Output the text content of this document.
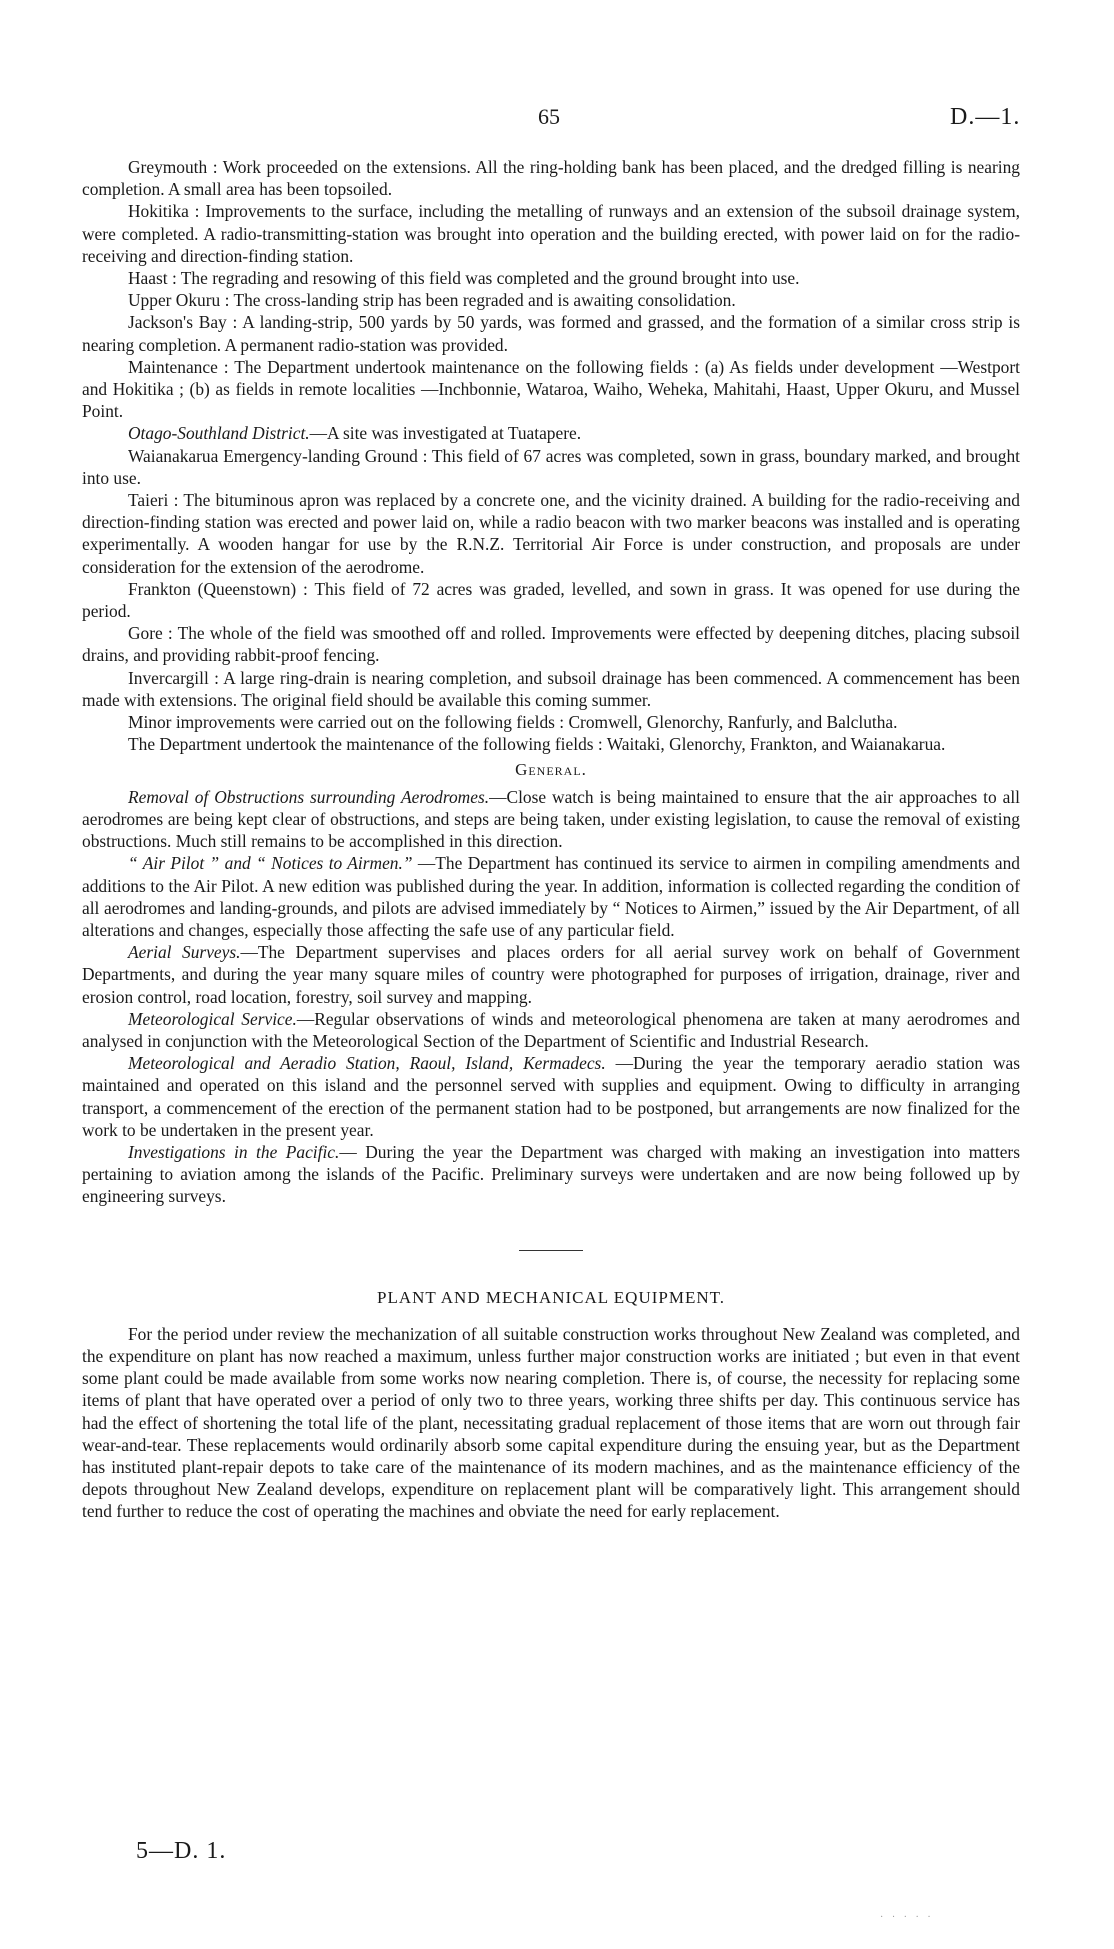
65	D.—1.

Greymouth : Work proceeded on the extensions. All the ring-holding bank has been placed, and the dredged filling is nearing completion. A small area has been topsoiled.

Hokitika : Improvements to the surface, including the metalling of runways and an extension of the subsoil drainage system, were completed. A radio-transmitting-station was brought into operation and the building erected, with power laid on for the radio-receiving and direction-finding station.

Haast : The regrading and resowing of this field was completed and the ground brought into use.

Upper Okuru : The cross-landing strip has been regraded and is awaiting consolidation.

Jackson's Bay : A landing-strip, 500 yards by 50 yards, was formed and grassed, and the formation of a similar cross strip is nearing completion. A permanent radio-station was provided.

Maintenance : The Department undertook maintenance on the following fields : (a) As fields under development —Westport and Hokitika ; (b) as fields in remote localities —Inchbonnie, Wataroa, Waiho, Weheka, Mahitahi, Haast, Upper Okuru, and Mussel Point.

Otago-Southland District.—A site was investigated at Tuatapere.

Waianakarua Emergency-landing Ground : This field of 67 acres was completed, sown in grass, boundary marked, and brought into use.

Taieri : The bituminous apron was replaced by a concrete one, and the vicinity drained. A building for the radio-receiving and direction-finding station was erected and power laid on, while a radio beacon with two marker beacons was installed and is operating experimentally. A wooden hangar for use by the R.N.Z. Territorial Air Force is under construction, and proposals are under consideration for the extension of the aerodrome.

Frankton (Queenstown) : This field of 72 acres was graded, levelled, and sown in grass. It was opened for use during the period.

Gore : The whole of the field was smoothed off and rolled. Improvements were effected by deepening ditches, placing subsoil drains, and providing rabbit-proof fencing.

Invercargill : A large ring-drain is nearing completion, and subsoil drainage has been commenced. A commencement has been made with extensions. The original field should be available this coming summer.

Minor improvements were carried out on the following fields : Cromwell, Glenorchy, Ranfurly, and Balclutha.

The Department undertook the maintenance of the following fields : Waitaki, Glenorchy, Frankton, and Waianakarua.

General.

Removal of Obstructions surrounding Aerodromes.—Close watch is being maintained to ensure that the air approaches to all aerodromes are being kept clear of obstructions, and steps are being taken, under existing legislation, to cause the removal of existing obstructions. Much still remains to be accomplished in this direction.

“ Air Pilot ” and “ Notices to Airmen.” —The Department has continued its service to airmen in compiling amendments and additions to the Air Pilot. A new edition was published during the year. In addition, information is collected regarding the condition of all aerodromes and landing-grounds, and pilots are advised immediately by “ Notices to Airmen,” issued by the Air Department, of all alterations and changes, especially those affecting the safe use of any particular field.

Aerial Surveys.—The Department supervises and places orders for all aerial survey work on behalf of Government Departments, and during the year many square miles of country were photographed for purposes of irrigation, drainage, river and erosion control, road location, forestry, soil survey and mapping.

Meteorological Service.—Regular observations of winds and meteorological phenomena are taken at many aerodromes and analysed in conjunction with the Meteorological Section of the Department of Scientific and Industrial Research.

Meteorological and Aeradio Station, Raoul, Island, Kermadecs. —During the year the temporary aeradio station was maintained and operated on this island and the personnel served with supplies and equipment. Owing to difficulty in arranging transport, a commencement of the erection of the permanent station had to be postponed, but arrangements are now finalized for the work to be undertaken in the present year.

Investigations in the Pacific.— During the year the Department was charged with making an investigation into matters pertaining to aviation among the islands of the Pacific. Preliminary surveys were undertaken and are now being followed up by engineering surveys.

PLANT AND MECHANICAL EQUIPMENT.

For the period under review the mechanization of all suitable construction works throughout New Zealand was completed, and the expenditure on plant has now reached a maximum, unless further major construction works are initiated ; but even in that event some plant could be made available from some works now nearing completion. There is, of course, the necessity for replacing some items of plant that have operated over a period of only two to three years, working three shifts per day. This continuous service has had the effect of shortening the total life of the plant, necessitating gradual replacement of those items that are worn out through fair wear-and-tear. These replacements would ordinarily absorb some capital expenditure during the ensuing year, but as the Department has instituted plant-repair depots to take care of the maintenance of its modern machines, and as the maintenance efficiency of the depots throughout New Zealand develops, expenditure on replacement plant will be comparatively light. This arrangement should tend further to reduce the cost of operating the machines and obviate the need for early replacement.

5—D. 1.
· · · · ·
